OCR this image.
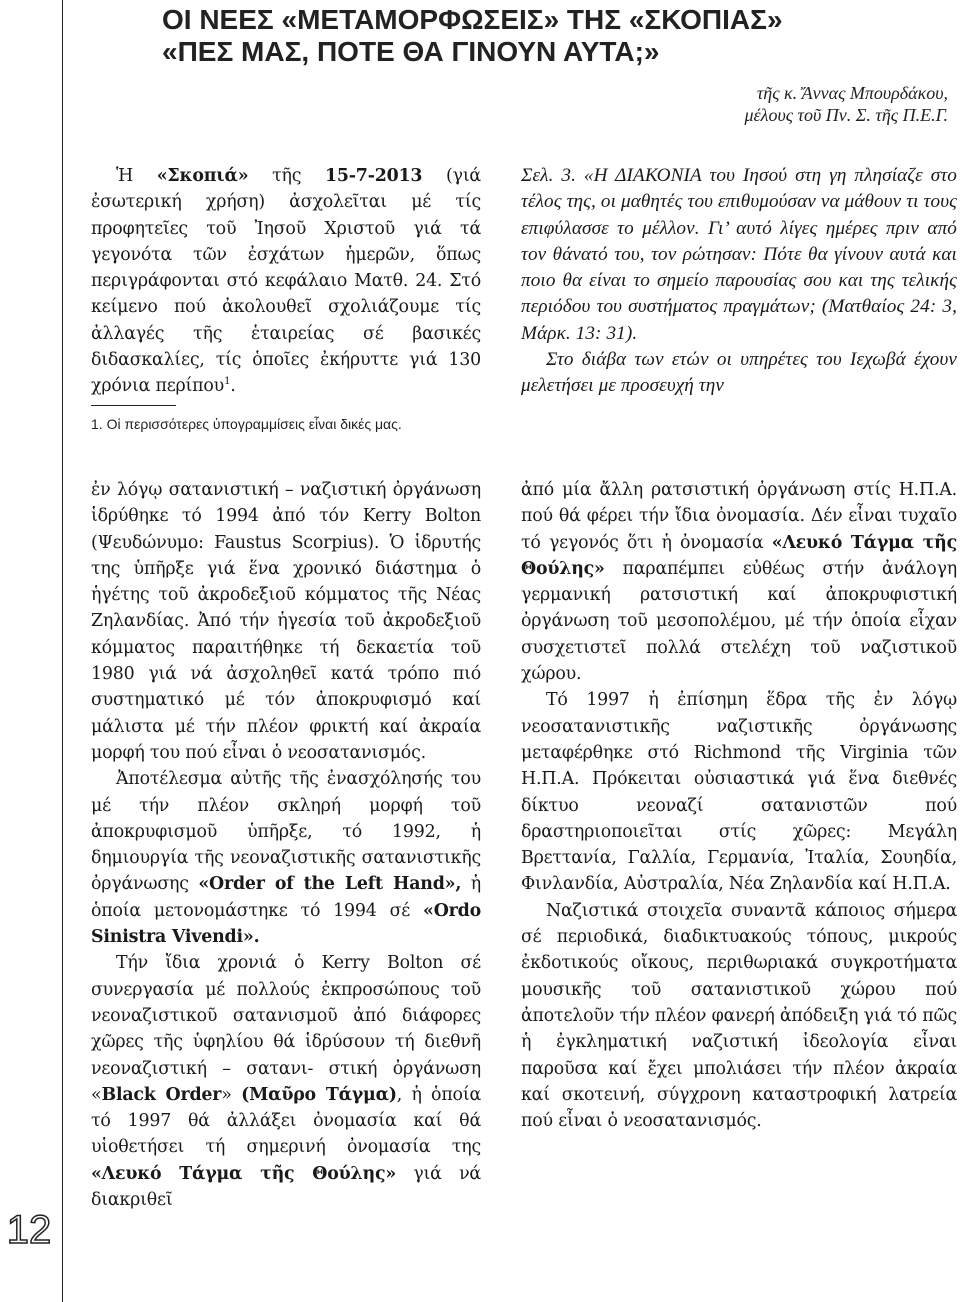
12
ΟΙ ΝΕΕΣ «ΜΕΤΑΜΟΡΦΩΣΕΙΣ» ΤΗΣ «ΣΚΟΠΙΑΣ»
«ΠΕΣ ΜΑΣ, ΠΟΤΕ ΘΑ ΓΙΝΟΥΝ ΑΥΤΑ;»
τῆς κ. Ἄννας Μπουρδάκου,
μέλους τοῦ Πν. Σ. τῆς Π.Ε.Γ.

Ἡ «Σκοπιά» τῆς 15-7-2013 (γιά ἐσωτερική χρήση) ἀσχολεῖται μέ τίς προφητεῖες τοῦ Ἰησοῦ Χριστοῦ γιά τά γεγονότα τῶν ἐσχάτων ἡμερῶν, ὅπως περιγράφονται στό κεφάλαιο Ματθ. 24. Στό κείμενο πού ἀκολουθεῖ σχολιάζουμε τίς ἀλλαγές τῆς ἑταιρείας σέ βασικές διδασκαλίες, τίς ὁποῖες ἐκήρυττε γιά 130 χρόνια περίπου$^1$.

1. Οἱ περισσότερες ὑπογραμμίσεις εἶναι δικές μας.

Σελ. 3. «Η ΔΙΑΚΟΝΙΑ του Ιησού στη γη πλησίαζε στο τέλος της, οι μαθητές του επιθυμούσαν να μάθουν τι τους επιφύλασσε το μέλλον. Γι’ αυτό λίγες ημέρες πριν από τον θάνατό του, τον ρώτησαν: Πότε θα γίνουν αυτά και ποιο θα είναι το σημείο παρουσίας σου και της τελικής περιόδου του συστήματος πραγμάτων; (Ματθαίος 24: 3, Μάρκ. 13: 31).

Στο διάβα των ετών οι υπηρέτες του Ιεχωβά έχουν μελετήσει με προσευχή την

ἐν λόγῳ σατανιστική – ναζιστική ὀργάνωση ἱδρύθηκε τό 1994 ἀπό τόν Kerry Bolton (Ψευδώνυμο: Faustus Scorpius). Ὁ ἱδρυτής της ὑπῆρξε γιά ἕνα χρονικό διάστημα ὁ ἡγέτης τοῦ ἀκροδεξιοῦ κόμματος τῆς Νέας Ζηλανδίας. Ἀπό τήν ἡγεσία τοῦ ἀκροδεξιοῦ κόμματος παραιτήθηκε τή δεκαετία τοῦ 1980 γιά νά ἀσχοληθεῖ κατά τρόπο πιό συστηματικό μέ τόν ἀποκρυφισμό καί μάλιστα μέ τήν πλέον φρικτή καί ἀκραία μορφή του πού εἶναι ὁ νεοσατανισμός.

Ἀποτέλεσμα αὐτῆς τῆς ἐνασχόλησής του μέ τήν πλέον σκληρή μορφή τοῦ ἀποκρυφισμοῦ ὑπῆρξε, τό 1992, ἡ δημιουργία τῆς νεοναζιστικῆς σατανιστικῆς ὀργάνωσης «Order of the Left Hand», ἡ ὁποία μετονομάστηκε τό 1994 σέ «Ordo Sinistra Vivendi».

Τήν ἴδια χρονιά ὁ Kerry Bolton σέ συνεργασία μέ πολλούς ἐκπροσώπους τοῦ νεοναζιστικοῦ σατανισμοῦ ἀπό διάφορες χῶρες τῆς ὑφηλίου θά ἱδρύσουν τή διεθνῆ νεοναζιστική – σατανι- στική ὀργάνωση «Black Order» (Μαῦρο Τάγμα), ἡ ὁποία τό 1997 θά ἀλλάξει ὀνομασία καί θά υἱοθετήσει τή σημερινή ὀνομασία της «Λευκό Τάγμα τῆς Θούλης» γιά νά διακριθεῖ

ἀπό μία ἄλλη ρατσιστική ὀργάνωση στίς Η.Π.Α. πού θά φέρει τήν ἴδια ὀνομασία. Δέν εἶναι τυχαῖο τό γεγονός ὅτι ἡ ὀνομασία «Λευκό Τάγμα τῆς Θούλης» παραπέμπει εὐθέως στήν ἀνάλογη γερμανική ρατσιστική καί ἀποκρυφιστική ὀργάνωση τοῦ μεσοπολέμου, μέ τήν ὁποία εἶχαν συσχετιστεῖ πολλά στελέχη τοῦ ναζιστικοῦ χώρου.

Τό 1997 ἡ ἐπίσημη ἕδρα τῆς ἐν λόγῳ νεοσατανιστικῆς ναζιστικῆς ὀργάνωσης μεταφέρθηκε στό Richmond τῆς Virginia τῶν Η.Π.Α. Πρόκειται οὐσιαστικά γιά ἕνα διεθνές δίκτυο νεοναζί σατανιστῶν πού δραστηριοποιεῖται στίς χῶρες: Μεγάλη Βρεττανία, Γαλλία, Γερμανία, Ἰταλία, Σουηδία, Φινλανδία, Αὐστραλία, Νέα Ζηλανδία καί Η.Π.Α.

Ναζιστικά στοιχεῖα συναντᾶ κάποιος σήμερα σέ περιοδικά, διαδικτυακούς τόπους, μικρούς ἐκδοτικούς οἴκους, περιθωριακά συγκροτήματα μουσικῆς τοῦ σατανιστικοῦ χώρου πού ἀποτελοῦν τήν πλέον φανερή ἀπόδειξη γιά τό πῶς ἡ ἐγκληματική ναζιστική ἰδεολογία εἶναι παροῦσα καί ἔχει μπολιάσει τήν πλέον ἀκραία καί σκοτεινή, σύγχρονη καταστροφική λατρεία πού εἶναι ὁ νεοσατανισμός.
